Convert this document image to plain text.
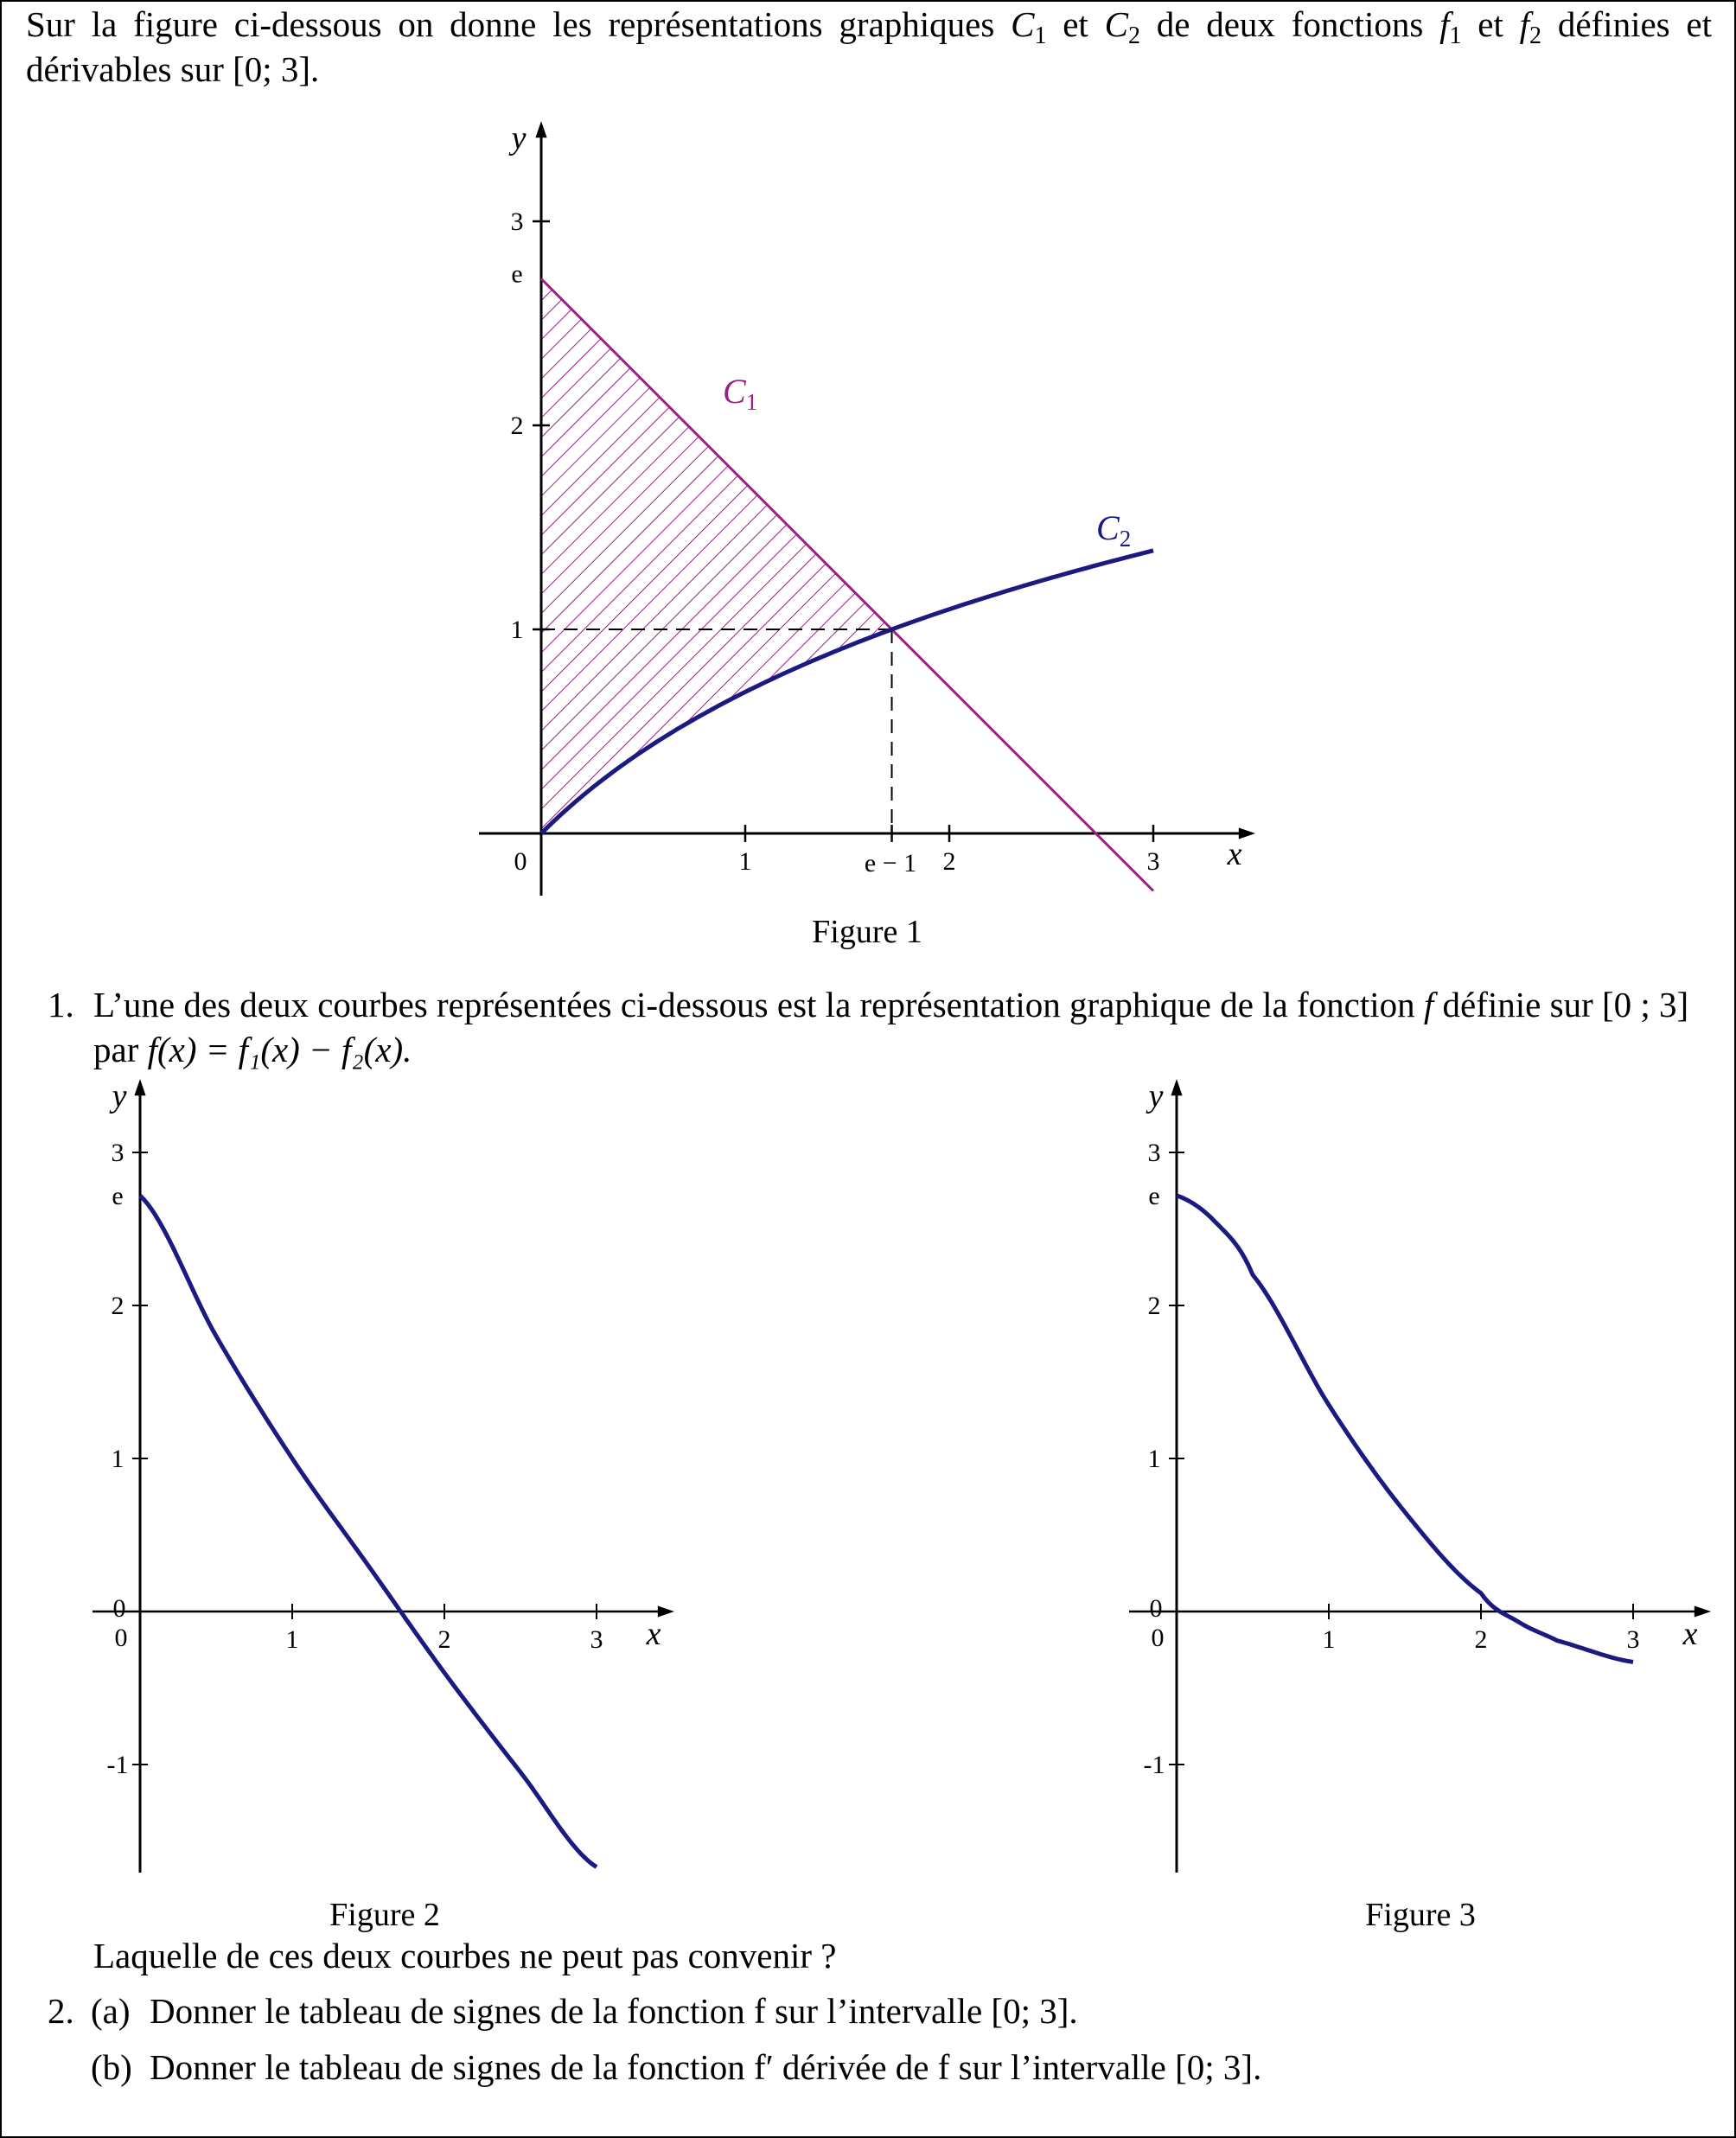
Sur la figure ci-dessous on donne les représentations graphiques $C_1$ et $C_2$ de deux fonctions $f_1$ et $f_2$ définies et dérivables sur [0; 3].
Figure 1
1. L’une des deux courbes représentées ci-dessous est la représentation graphique de la fonction f définie sur [0 ; 3] par f(x) = f₁(x) − f₂(x).
Figure 2	Figure 3
Laquelle de ces deux courbes ne peut pas convenir ?
2. (a) Donner le tableau de signes de la fonction f sur l’intervalle [0; 3].
(b) Donner le tableau de signes de la fonction f′ dérivée de f sur l’intervalle [0; 3].
1	2	3
1
2
3
0
e
e − 1	x
y
$C_1$
$C_2$
1	2	3
-1
1
2
3
0
0
e
x
y
1	2	3
-1
1
2
3
0
0
e
x
y
